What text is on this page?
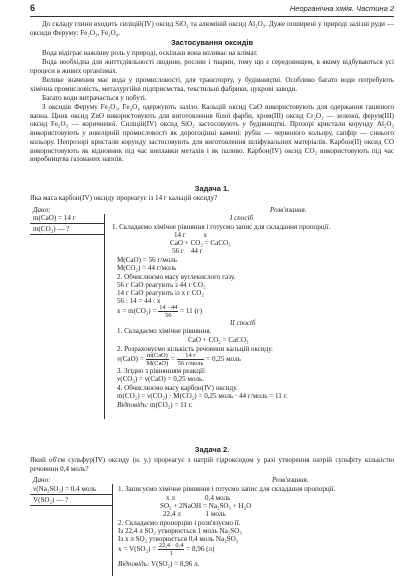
6	Неорганічна хімія. Частина 2
До складу глини входить силіцій(IV) оксид SiO₂ та алюміній оксид Al₂O₃. Дуже поширені у природі залізні руди — оксиди Феруму: Fe₂O₃, Fe₃O₄.
Застосування оксидів
Вода відіграє важливу роль у природі, оскільки вона впливає на клімат.
Вода необхідна для життєдіяльності людини, рослин і тварин, тому що є середовищем, в якому відбуваються усі процеси в живих організмах.
Велике значення має вода у промисловості, для транспорту, у будівництві. Особливо багато води потребують хімічна промисловість, металургійні підприємства, текстильні фабрики, цукрові заводи.
Багато води витрачається у побуті.
З оксидів Феруму Fe₂O₃, Fe₃O₄ одержують залізо. Кальцій оксид CaO використовують для одержання гашеного вапна. Цинк оксид ZnO використовують для виготовлення білої фарби, хром(III) оксид Cr₂O₃ — зеленої, ферум(III) оксид Fe₂O₃ — коричневої. Силіцій(IV) оксид SiO₂ застосовують у будівництві. Прозорі кристали корунду Al₂O₃ використовують у ювелірній промисловості як дорогоцінні камені: рубін — червоного кольору, сапфір — синього кольору. Непрозорі кристали корунду застосовують для виготовлення шліфувальних матеріалів. Карбон(II) оксид CO використовують як відновник під час виплавки металів і як паливо. Карбон(IV) оксид CO₂ використовують під час виробництва газованих напоїв.
Задача 1.
Яка маса карбон(IV) оксиду прореагує із 14 г кальцій оксиду?
Дано:
m(CaO) = 14 г
m(CO₂) — ?
Розв'язання.
I спосіб
1. Складаємо хімічне рівняння і готуємо запис для складання пропорції.
14 г          x
CaO + CO₂ = CaCO₃
56 г    44 г
M(CaO) = 56 г/моль
M(CO₂) = 44 г/моль
2. Обчислюємо масу вуглекислого газу.
56 г CaO реагують з 44 г CO₂
14 г CaO реагують із x г CO₂
56 : 14 = 44 : x
$x = m(CO_2) = \frac{14 \cdot 44}{56} = 11$ (г)
II спосіб
1. Складаємо хімічне рівняння.
CaO + CO₂ = CaCO₃
2. Розраховуємо кількість речовини кальцій оксиду.
$\nu(CaO) = \frac{\text{m(CaO)}}{\text{M(CaO)}} = \frac{14 г}{\text{56 г/моль}} = 0,25$ моль
3. Згідно з рівнянням реакції:
ν(CO₂) = ν(CaO) = 0,25 моль.
4. Обчислюємо масу карбон(IV) оксиду.
m(CO₂) = ν(CO₂) · M(CO₂) = 0,25 моль · 44 г/моль = 11 г.
Відповідь: m(CO₂) = 11 г.
Задача 2.
Який об'єм сульфур(IV) оксиду (н. у.) прореагує з натрій гідроксидом у разі утворення натрій сульфіту кількістю речовини 0,4 моль?
Дано:
ν(Na₂SO₃) = 0,4 моль
V(SO₂) — ?
Розв'язання.
1. Записуємо хімічне рівняння і готуємо запис для складання пропорції.
x л                 0,4 моль
SO₂ + 2NaOH = Na₂SO₃ + H₂O
22,4 л              1 моль
2. Складаємо пропорцію і розв'язуємо її.
Із 22,4 л SO₂ утворюється 1 моль Na₂SO₃
Із x л SO₂ утворюється 0,4 моль Na₂SO₃
$x = V(SO_2) = \frac{22,4 \cdot 0,4}{1} = 8,96$ (л)
Відповідь: V(SO₂) = 8,96 л.
